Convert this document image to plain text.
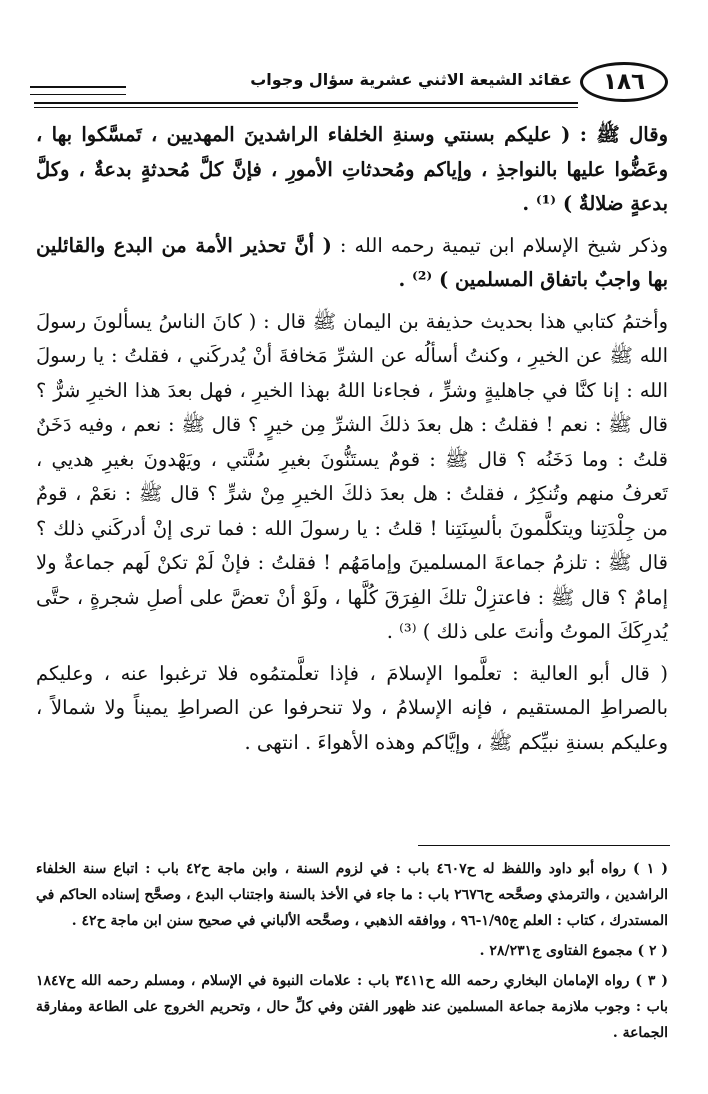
١٨٦
عقائد الشيعة الاثني عشرية سؤال وجواب

وقال ﷺ : ( عليكم بسنتي وسنةِ الخلفاء الراشدينَ المهديين ، تَمسَّكوا بها ، وعَضُّوا عليها بالنواجذِ ، وإياكم ومُحدثاتِ الأمورِ ، فإنَّ كلَّ مُحدثةٍ بدعةٌ ، وكلَّ بدعةٍ ضلالةٌ ) ⁽¹⁾ .

وذكر شيخ الإسلام ابن تيمية رحمه الله : ( أنَّ تحذير الأمة من البدع والقائلين بها واجبٌ باتفاق المسلمين ) ⁽²⁾ .

وأختمُ كتابي هذا بحديث حذيفة بن اليمان ﷺ قال : ( كانَ الناسُ يسألونَ رسولَ الله ﷺ عن الخيرِ ، وكنتُ أسألُه عن الشرِّ مَخافةَ أنْ يُدركَني ، فقلتُ : يا رسولَ الله : إنا كنَّا في جاهليةٍ وشرٍّ ، فجاءنا اللهُ بهذا الخيرِ ، فهل بعدَ هذا الخيرِ شرٌّ ؟ قال ﷺ : نعم ! فقلتُ : هل بعدَ ذلكَ الشرِّ مِن خيرٍ ؟ قال ﷺ : نعم ، وفيه دَخَنٌ قلتُ : وما دَخَنُه ؟ قال ﷺ : قومٌ يستَنُّونَ بغيرِ سُنَّتي ، ويَهْدونَ بغيرِ هديي ، تَعرفُ منهم وتُنكِرُ ، فقلتُ : هل بعدَ ذلكَ الخيرِ مِنْ شرٍّ ؟ قال ﷺ : نعَمْ ، قومٌ من جِلْدَتِنا ويتكلَّمونَ بألسِنَتِنا ! قلتُ : يا رسولَ الله : فما ترى إنْ أدركَني ذلك ؟ قال ﷺ : تلزمُ جماعةَ المسلمينَ وإمامَهُم ! فقلتُ : فإنْ لَمْ تكنْ لَهم جماعةٌ ولا إمامٌ ؟ قال ﷺ : فاعتزِلْ تلكَ الفِرَقَ كُلَّها ، ولَوْ أنْ تعضَّ على أصلِ شجرةٍ ، حتَّى يُدرِكَكَ الموتُ وأنتَ على ذلك ) ⁽³⁾ .

( قال أبو العالية : تعلَّموا الإسلامَ ، فإذا تعلَّمتمُوه فلا ترغبوا عنه ، وعليكم بالصراطِ المستقيم ، فإنه الإسلامُ ، ولا تنحرفوا عن الصراطِ يميناً ولا شمالاً ، وعليكم بسنةِ نبيِّكم ﷺ ، وإيَّاكم وهذه الأهواءَ . انتهى .

( ١ ) رواه أبو داود واللفظ له ح٤٦٠٧ باب : في لزوم السنة ، وابن ماجة ح٤٢ باب : اتباع سنة الخلفاء الراشدين ، والترمذي وصحَّحه ح٢٦٧٦ باب : ما جاء في الأخذ بالسنة واجتناب البدع ، وصحَّح إسناده الحاكم في المستدرك ، كتاب : العلم ج١/٩٥-٩٦ ، ووافقه الذهبي ، وصحَّحه الألباني في صحيح سنن ابن ماجة ح٤٢ .

( ٢ ) مجموع الفتاوى ج٢٨/٢٣١ .

( ٣ ) رواه الإمامان البخاري رحمه الله ح٣٤١١ باب : علامات النبوة في الإسلام ، ومسلم رحمه الله ح١٨٤٧ باب : وجوب ملازمة جماعة المسلمين عند ظهور الفتن وفي كلِّ حال ، وتحريم الخروج على الطاعة ومفارقة الجماعة .
